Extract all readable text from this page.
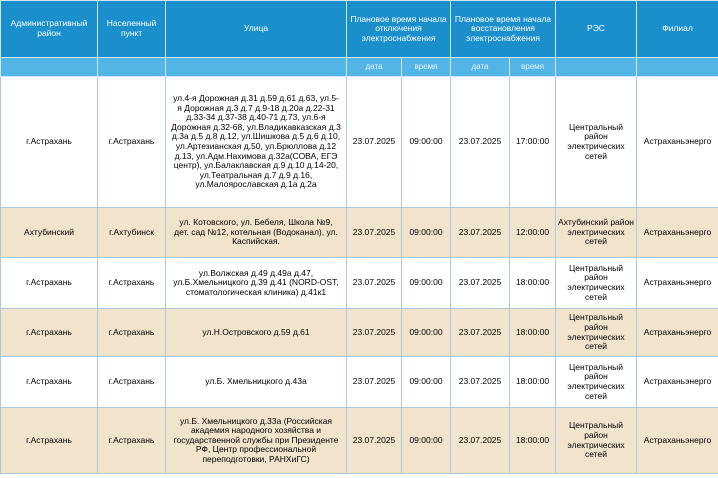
Административный район	Населенный пункт	Улица	Плановое время начала отключения электроснабжения		Плановое время начала восстановления электроснабжения		РЭС	Филиал
			дата	время	дата	время		
г.Астрахань	г.Астрахань	ул.4-я Дорожная д.31 д.59 д.61 д.63, ул.5-я Дорожная д.3 д.7 д.9-18 д.20а д.22-31 д.33-34 д.37-38 д.40-71 д.73, ул.6-я Дорожная д.32-68, ул.Владикавказская д.3 д.3а д.5 д.8 д.12, ул.Шишкова д.5 д.6 д.10, ул.Артезианская д.50, ул.Брюллова д.12 д.13, ул.Адм.Нахимова д.32а(СОВА, ЕГЭ центр), ул.Балаклавская д.9 д.10 д.14-20, ул.Театральная д.7 д.9 д.16, ул.Малоярославская д.1а д.2а	23.07.2025	09:00:00	23.07.2025	17:00:00	Центральный район электрических сетей	Астраханьэнерго
Ахтубинский	г.Ахтубинск	ул. Котовского, ул. Бебеля, Школа №9, дет. сад №12, котельная (Водоканал), ул. Каспийская.	23.07.2025	09:00:00	23.07.2025	12:00:00	Ахтубинский район электрических сетей	Астраханьэнерго
г.Астрахань	г.Астрахань	ул.Волжская д.49 д.49а д.47, ул.Б.Хмельницкого д.39 д.41 (NORD-OST, стоматологическая клиника) д.41к1	23.07.2025	09:00:00	23.07.2025	18:00:00	Центральный район электрических сетей	Астраханьэнерго
г.Астрахань	г.Астрахань	ул.Н.Островского д.59 д.61	23.07.2025	09:00:00	23.07.2025	18:00:00	Центральный район электрических сетей	Астраханьэнерго
г.Астрахань	г.Астрахань	ул.Б. Хмельницкого д.43а	23.07.2025	09:00:00	23.07.2025	18:00:00	Центральный район электрических сетей	Астраханьэнерго
г.Астрахань	г.Астрахань	ул.Б. Хмельницкого д.33а (Российская академия народного хозяйства и государственной службы при Президенте РФ, Центр профессиональной переподготовки, РАНХиГС)	23.07.2025	09:00:00	23.07.2025	18:00:00	Центральный район электрических сетей	Астраханьэнерго
